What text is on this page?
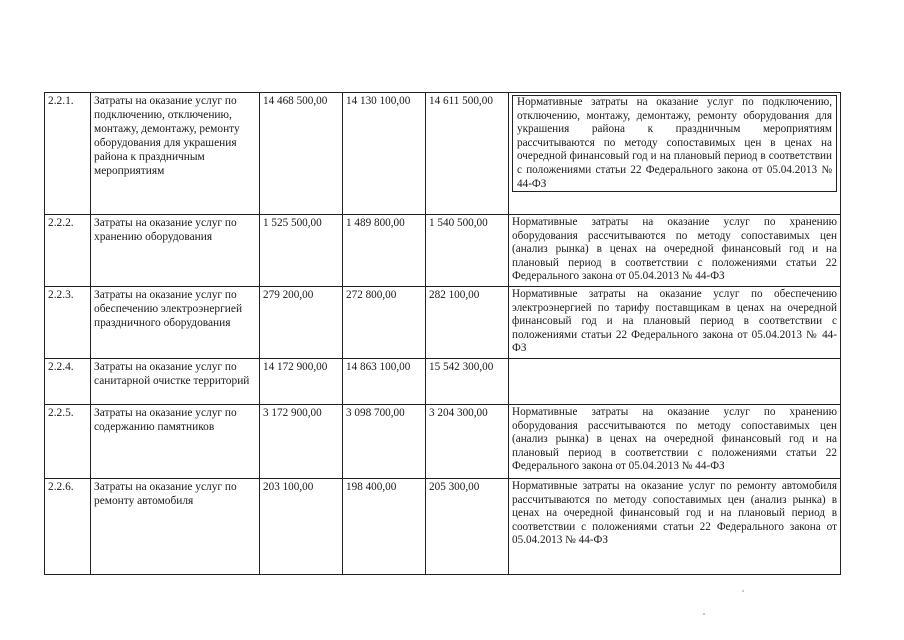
2.2.1.	Затраты на оказание услуг по подключению, отключению, монтажу, демонтажу, ремонту оборудования для украшения района к праздничным мероприятиям	14 468 500,00	14 130 100,00	14 611 500,00	Нормативные затраты на оказание услуг по подключению, отключению, монтажу, демонтажу, ремонту оборудования для украшения района к праздничным мероприятиям рассчитываются по методу сопоставимых цен в ценах на очередной финансовый год и на плановый период в соответствии с положениями статьи 22 Федерального закона от 05.04.2013 № 44-ФЗ

2.2.2.	Затраты на оказание услуг по хранению оборудования	1 525 500,00	1 489 800,00	1 540 500,00	Нормативные затраты на оказание услуг по хранению оборудования рассчитываются по методу сопоставимых цен (анализ рынка) в ценах на очередной финансовый год и на плановый период в соответствии с положениями статьи 22 Федерального закона от 05.04.2013 № 44-ФЗ
2.2.3.	Затраты на оказание услуг по обеспечению электроэнергией праздничного оборудования	279 200,00	272 800,00	282 100,00	Нормативные затраты на оказание услуг по обеспечению электроэнергией по тарифу поставщикам в ценах на очередной финансовый год и на плановый период в соответствии с положениями статьи 22 Федерального закона от 05.04.2013 № 44-ФЗ
2.2.4.	Затраты на оказание услуг по санитарной очистке территорий	14 172 900,00	14 863 100,00	15 542 300,00	
2.2.5.	Затраты на оказание услуг по содержанию памятников	3 172 900,00	3 098 700,00	3 204 300,00	Нормативные затраты на оказание услуг по хранению оборудования рассчитываются по методу сопоставимых цен (анализ рынка) в ценах на очередной финансовый год и на плановый период в соответствии с положениями статьи 22 Федерального закона от 05.04.2013 № 44-ФЗ
2.2.6.	Затраты на оказание услуг по ремонту автомобиля	203 100,00	198 400,00	205 300,00	Нормативные затраты на оказание услуг по ремонту автомобиля рассчитываются по методу сопоставимых цен (анализ рынка) в ценах на очередной финансовый год и на плановый период в соответствии с положениями статьи 22 Федерального закона от 05.04.2013 № 44-ФЗ
